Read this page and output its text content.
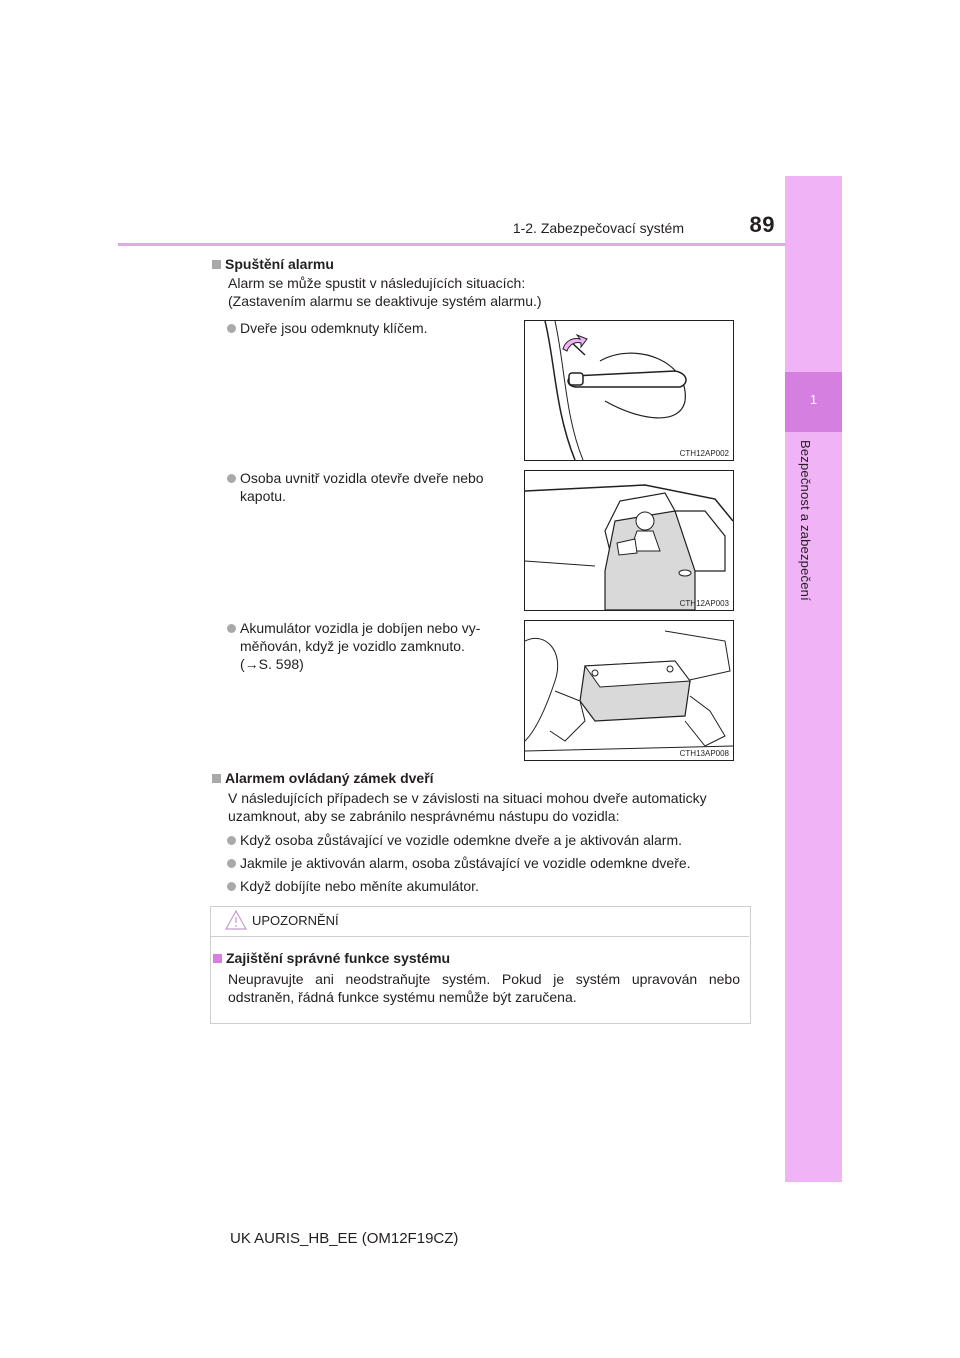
1
Bezpečnost a zabezpečení
1-2. Zabezpečovací systém	89
Spuštění alarmu
Alarm se může spustit v následujících situacích:
(Zastavením alarmu se deaktivuje systém alarmu.)
Dveře jsou odemknuty klíčem.
CTH12AP002
Osoba uvnitř vozidla otevře dveře nebo
kapotu.
CTH12AP003
Akumulátor vozidla je dobíjen nebo vy-
měňován, když je vozidlo zamknuto.
(→S. 598)
CTH13AP008
Alarmem ovládaný zámek dveří
V následujících případech se v závislosti na situaci mohou dveře automaticky
uzamknout, aby se zabránilo nesprávnému nástupu do vozidla:
Když osoba zůstávající ve vozidle odemkne dveře a je aktivován alarm.
Jakmile je aktivován alarm, osoba zůstávající ve vozidle odemkne dveře.
Když dobíjíte nebo měníte akumulátor.
UPOZORNĚNÍ
Zajištění správné funkce systému
Neupravujte ani neodstraňujte systém. Pokud je systém upravován nebo
odstraněn, řádná funkce systému nemůže být zaručena.
UK AURIS_HB_EE (OM12F19CZ)
